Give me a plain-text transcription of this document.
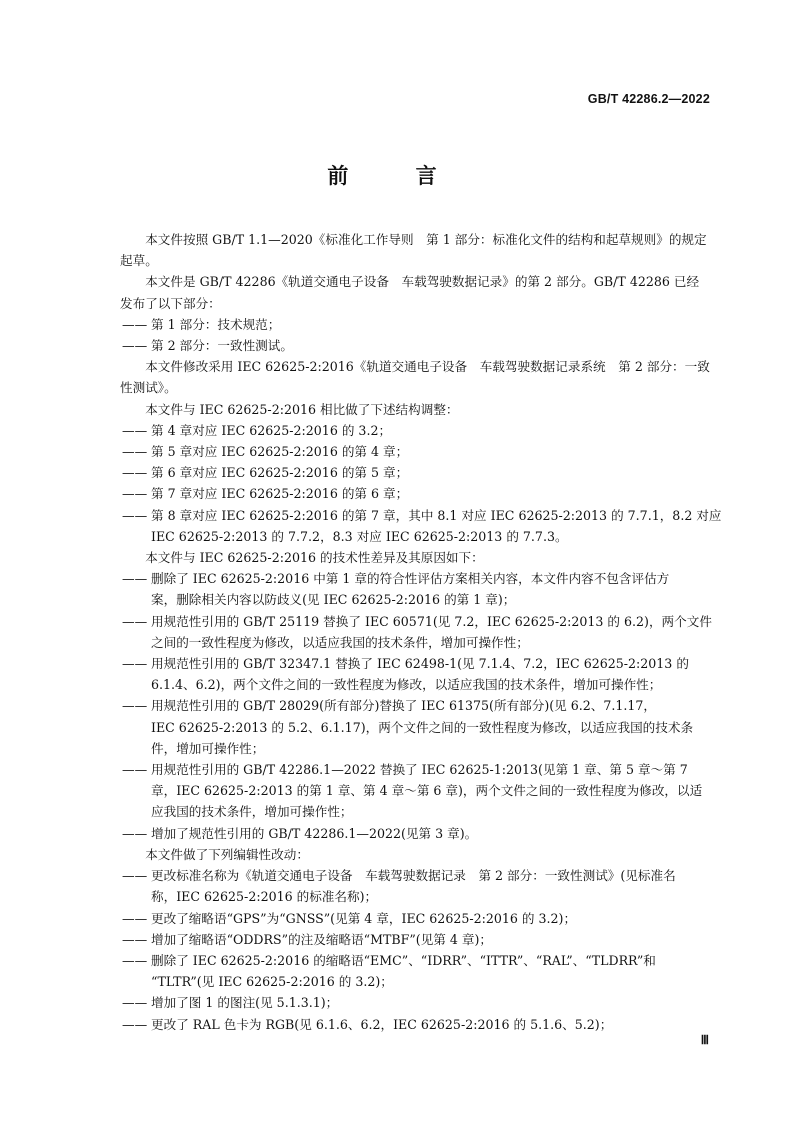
GB/T 42286.2—2022
前 言

本文件按照 GB/T 1.1—2020《标准化工作导则　第 1 部分：标准化文件的结构和起草规则》的规定

起草。

本文件是 GB/T 42286《轨道交通电子设备　车载驾驶数据记录》的第 2 部分。GB/T 42286 已经

发布了以下部分：

—— 第 1 部分：技术规范；
—— 第 2 部分：一致性测试。

本文件修改采用 IEC 62625-2:2016《轨道交通电子设备　车载驾驶数据记录系统　第 2 部分：一致

性测试》。

本文件与 IEC 62625-2:2016 相比做了下述结构调整：

—— 第 4 章对应 IEC 62625-2:2016 的 3.2；
—— 第 5 章对应 IEC 62625-2:2016 的第 4 章；
—— 第 6 章对应 IEC 62625-2:2016 的第 5 章；
—— 第 7 章对应 IEC 62625-2:2016 的第 6 章；
—— 第 8 章对应 IEC 62625-2:2016 的第 7 章，其中 8.1 对应 IEC 62625-2:2013 的 7.7.1，8.2 对应
IEC 62625-2:2013 的 7.7.2，8.3 对应 IEC 62625-2:2013 的 7.7.3。

本文件与 IEC 62625-2:2016 的技术性差异及其原因如下：

—— 删除了 IEC 62625-2:2016 中第 1 章的符合性评估方案相关内容，本文件内容不包含评估方
案，删除相关内容以防歧义(见 IEC 62625-2:2016 的第 1 章)；
—— 用规范性引用的 GB/T 25119 替换了 IEC 60571(见 7.2，IEC 62625-2:2013 的 6.2)，两个文件
之间的一致性程度为修改，以适应我国的技术条件，增加可操作性；
—— 用规范性引用的 GB/T 32347.1 替换了 IEC 62498-1(见 7.1.4、7.2，IEC 62625-2:2013 的
6.1.4、6.2)，两个文件之间的一致性程度为修改，以适应我国的技术条件，增加可操作性；
—— 用规范性引用的 GB/T 28029(所有部分)替换了 IEC 61375(所有部分)(见 6.2、7.1.17，
IEC 62625-2:2013 的 5.2、6.1.17)，两个文件之间的一致性程度为修改，以适应我国的技术条
件，增加可操作性；
—— 用规范性引用的 GB/T 42286.1—2022 替换了 IEC 62625-1:2013(见第 1 章、第 5 章～第 7
章，IEC 62625-2:2013 的第 1 章、第 4 章～第 6 章)，两个文件之间的一致性程度为修改，以适
应我国的技术条件，增加可操作性；
—— 增加了规范性引用的 GB/T 42286.1—2022(见第 3 章)。

本文件做了下列编辑性改动：

—— 更改标准名称为《轨道交通电子设备　车载驾驶数据记录　第 2 部分：一致性测试》(见标准名
称，IEC 62625-2:2016 的标准名称)；
—— 更改了缩略语“GPS”为“GNSS”(见第 4 章，IEC 62625-2:2016 的 3.2)；
—— 增加了缩略语“ODDRS”的注及缩略语“MTBF”(见第 4 章)；
—— 删除了 IEC 62625-2:2016 的缩略语“EMC”、“IDRR”、“ITTR”、“RAL”、“TLDRR”和
“TLTR”(见 IEC 62625-2:2016 的 3.2)；
—— 增加了图 1 的图注(见 5.1.3.1)；
—— 更改了 RAL 色卡为 RGB(见 6.1.6、6.2，IEC 62625-2:2016 的 5.1.6、5.2)；
Ⅲ
